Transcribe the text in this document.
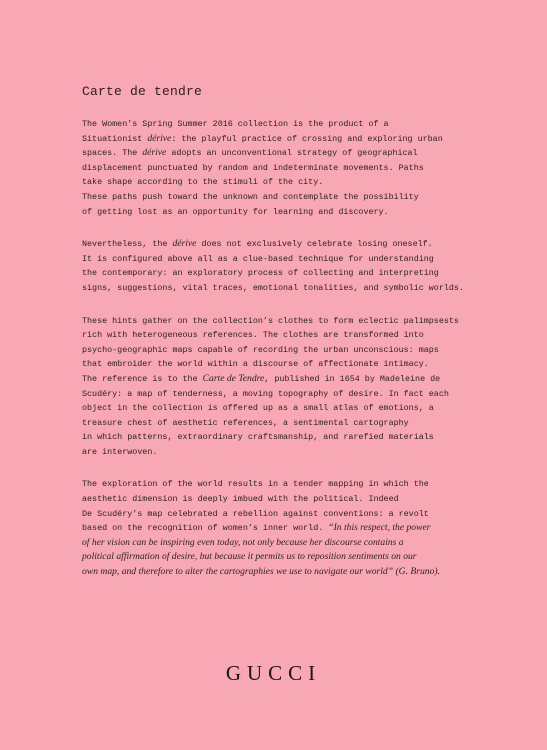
Carte de tendre

The Women’s Spring Summer 2016 collection is the product of a
Situationist dérive: the playful practice of crossing and exploring urban
spaces. The dérive adopts an unconventional strategy of geographical
displacement punctuated by random and indeterminate movements. Paths
take shape according to the stimuli of the city.
These paths push toward the unknown and contemplate the possibility
of getting lost as an opportunity for learning and discovery.

Nevertheless, the dérive does not exclusively celebrate losing oneself.
It is configured above all as a clue-based technique for understanding
the contemporary: an exploratory process of collecting and interpreting
signs, suggestions, vital traces, emotional tonalities, and symbolic worlds.

These hints gather on the collection’s clothes to form eclectic palimpsests
rich with heterogeneous references. The clothes are transformed into
psycho-geographic maps capable of recording the urban unconscious: maps
that embroider the world within a discourse of affectionate intimacy.
The reference is to the Carte de Tendre, published in 1654 by Madeleine de
Scudéry: a map of tenderness, a moving topography of desire. In fact each
object in the collection is offered up as a small atlas of emotions, a
treasure chest of aesthetic references, a sentimental cartography
in which patterns, extraordinary craftsmanship, and rarefied materials
are interwoven.

The exploration of the world results in a tender mapping in which the
aesthetic dimension is deeply imbued with the political. Indeed
De Scudéry’s map celebrated a rebellion against conventions: a revolt
based on the recognition of women’s inner world. “In this respect, the power
of her vision can be inspiring even today, not only because her discourse contains a
political affirmation of desire, but because it permits us to reposition sentiments on our
own map, and therefore to alter the cartographies we use to navigate our world” (G. Bruno).

GUCCI
